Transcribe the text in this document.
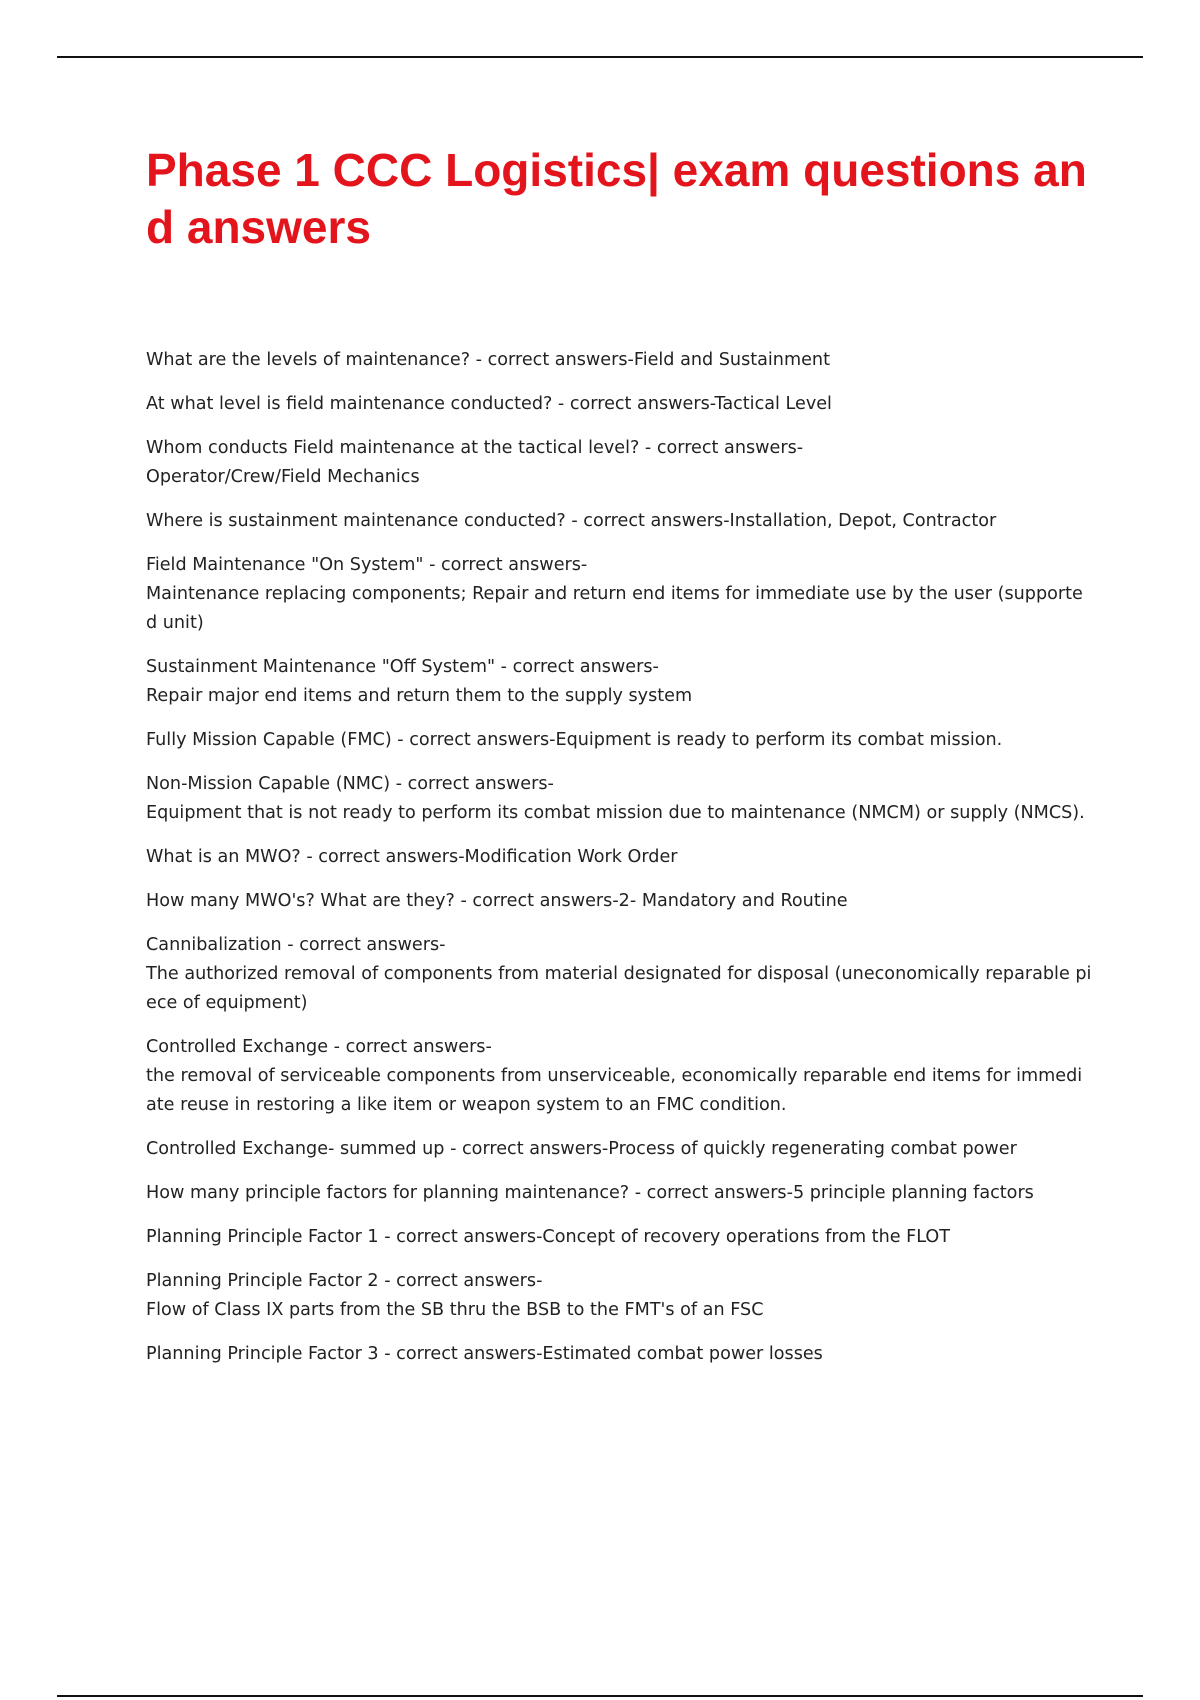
Phase 1 CCC Logistics| exam questions and answers
What are the levels of maintenance? - correct answers-Field and Sustainment
At what level is field maintenance conducted? - correct answers-Tactical Level
Whom conducts Field maintenance at the tactical level? - correct answers-
Operator/Crew/Field Mechanics
Where is sustainment maintenance conducted? - correct answers-Installation, Depot, Contractor
Field Maintenance "On System" - correct answers-
Maintenance replacing components; Repair and return end items for immediate use by the user (supported unit)
Sustainment Maintenance "Off System" - correct answers-
Repair major end items and return them to the supply system
Fully Mission Capable (FMC) - correct answers-Equipment is ready to perform its combat mission.
Non-Mission Capable (NMC) - correct answers-
Equipment that is not ready to perform its combat mission due to maintenance (NMCM) or supply (NMCS).
What is an MWO? - correct answers-Modification Work Order
How many MWO's? What are they? - correct answers-2- Mandatory and Routine
Cannibalization - correct answers-
The authorized removal of components from material designated for disposal (uneconomically reparable piece of equipment)
Controlled Exchange - correct answers-
the removal of serviceable components from unserviceable, economically reparable end items for immediate reuse in restoring a like item or weapon system to an FMC condition.
Controlled Exchange- summed up - correct answers-Process of quickly regenerating combat power
How many principle factors for planning maintenance? - correct answers-5 principle planning factors
Planning Principle Factor 1 - correct answers-Concept of recovery operations from the FLOT
Planning Principle Factor 2 - correct answers-
Flow of Class IX parts from the SB thru the BSB to the FMT's of an FSC
Planning Principle Factor 3 - correct answers-Estimated combat power losses
